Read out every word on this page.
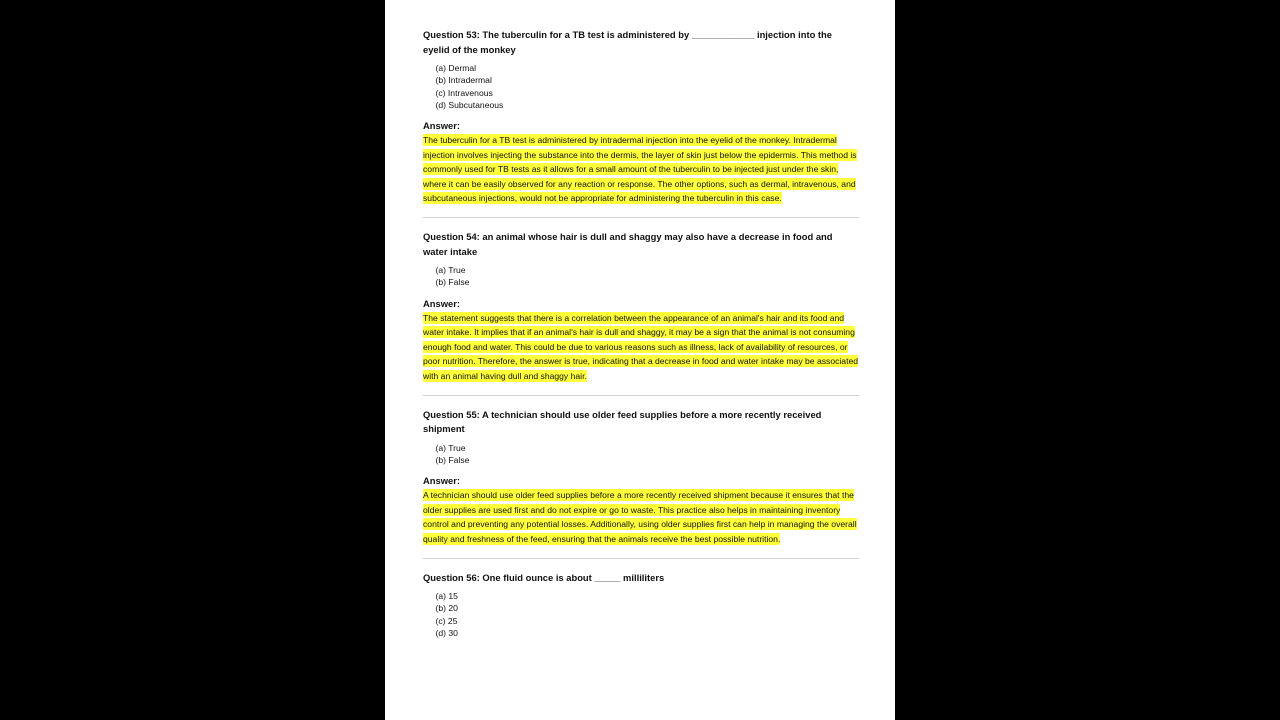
Question 53: The tuberculin for a TB test is administered by ____________ injection into the eyelid of the monkey

(a) Dermal
(b) Intradermal
(c) Intravenous
(d) Subcutaneous
Answer:
The tuberculin for a TB test is administered by intradermal injection into the eyelid of the monkey. Intradermal injection involves injecting the substance into the dermis, the layer of skin just below the epidermis. This method is commonly used for TB tests as it allows for a small amount of the tuberculin to be injected just under the skin, where it can be easily observed for any reaction or response. The other options, such as dermal, intravenous, and subcutaneous injections, would not be appropriate for administering the tuberculin in this case.

Question 54: an animal whose hair is dull and shaggy may also have a decrease in food and water intake

(a) True
(b) False
Answer:
The statement suggests that there is a correlation between the appearance of an animal's hair and its food and water intake. It implies that if an animal's hair is dull and shaggy, it may be a sign that the animal is not consuming enough food and water. This could be due to various reasons such as illness, lack of availability of resources, or poor nutrition. Therefore, the answer is true, indicating that a decrease in food and water intake may be associated with an animal having dull and shaggy hair.

Question 55: A technician should use older feed supplies before a more recently received shipment

(a) True
(b) False
Answer:
A technician should use older feed supplies before a more recently received shipment because it ensures that the older supplies are used first and do not expire or go to waste. This practice also helps in maintaining inventory control and preventing any potential losses. Additionally, using older supplies first can help in managing the overall quality and freshness of the feed, ensuring that the animals receive the best possible nutrition.

Question 56: One fluid ounce is about _____ milliliters

(a) 15
(b) 20
(c) 25
(d) 30
